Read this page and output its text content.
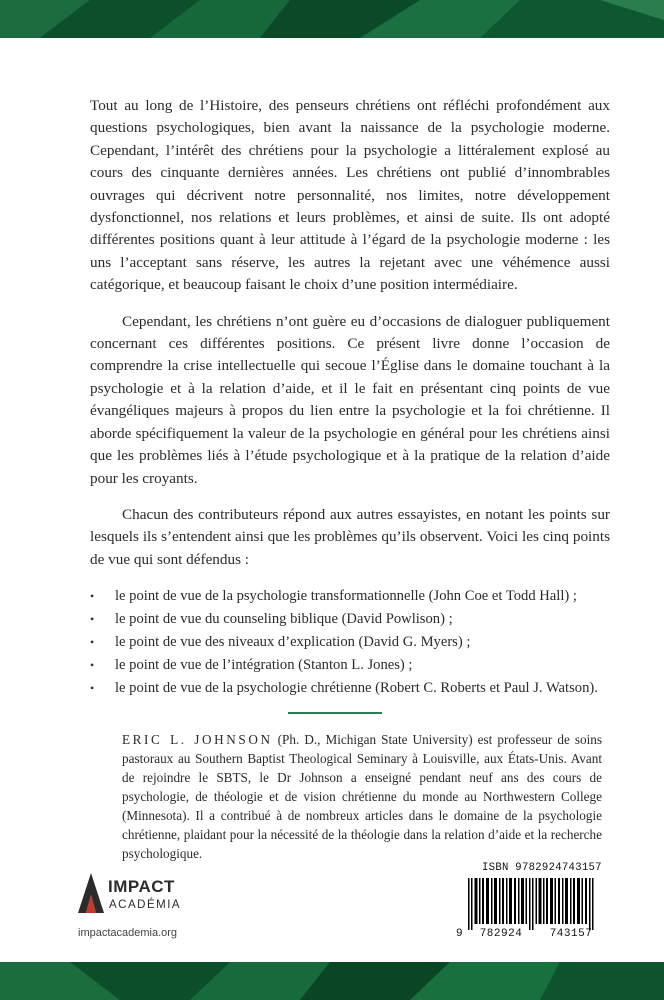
Tout au long de l’Histoire, des penseurs chrétiens ont réfléchi profondément aux questions psychologiques, bien avant la naissance de la psychologie moderne. Cependant, l’intérêt des chrétiens pour la psychologie a littéralement explosé au cours des cinquante dernières années. Les chrétiens ont publié d’innombrables ouvrages qui décrivent notre personnalité, nos limites, notre développement dysfonctionnel, nos relations et leurs problèmes, et ainsi de suite. Ils ont adopté différentes positions quant à leur attitude à l’égard de la psychologie moderne : les uns l’acceptant sans réserve, les autres la rejetant avec une véhémence aussi catégorique, et beaucoup faisant le choix d’une position intermédiaire.

Cependant, les chrétiens n’ont guère eu d’occasions de dialoguer publiquement concernant ces différentes positions. Ce présent livre donne l’occasion de comprendre la crise intellectuelle qui secoue l’Église dans le domaine touchant à la psychologie et à la relation d’aide, et il le fait en présentant cinq points de vue évangéliques majeurs à propos du lien entre la psychologie et la foi chrétienne. Il aborde spécifiquement la valeur de la psychologie en général pour les chrétiens ainsi que les problèmes liés à l’étude psychologique et à la pratique de la relation d’aide pour les croyants.

Chacun des contributeurs répond aux autres essayistes, en notant les points sur lesquels ils s’entendent ainsi que les problèmes qu’ils observent. Voici les cinq points de vue qui sont défendus :

• le point de vue de la psychologie transformationnelle (John Coe et Todd Hall) ;
• le point de vue du counseling biblique (David Powlison) ;
• le point de vue des niveaux d’explication (David G. Myers) ;
• le point de vue de l’intégration (Stanton L. Jones) ;
• le point de vue de la psychologie chrétienne (Robert C. Roberts et Paul J. Watson).
ERIC L. JOHNSON (Ph. D., Michigan State University) est professeur de soins pastoraux au Southern Baptist Theological Seminary à Louisville, aux États-Unis. Avant de rejoindre le SBTS, le Dr Johnson a enseigné pendant neuf ans des cours de psychologie, de théologie et de vision chrétienne du monde au Northwestern College (Minnesota). Il a contribué à de nombreux articles dans le domaine de la psychologie chrétienne, plaidant pour la nécessité de la théologie dans la relation d’aide et la recherche psychologique.
IMPACT
ACADÉMIA
impactacademia.org
ISBN 9782924743157
9	782924	743157
